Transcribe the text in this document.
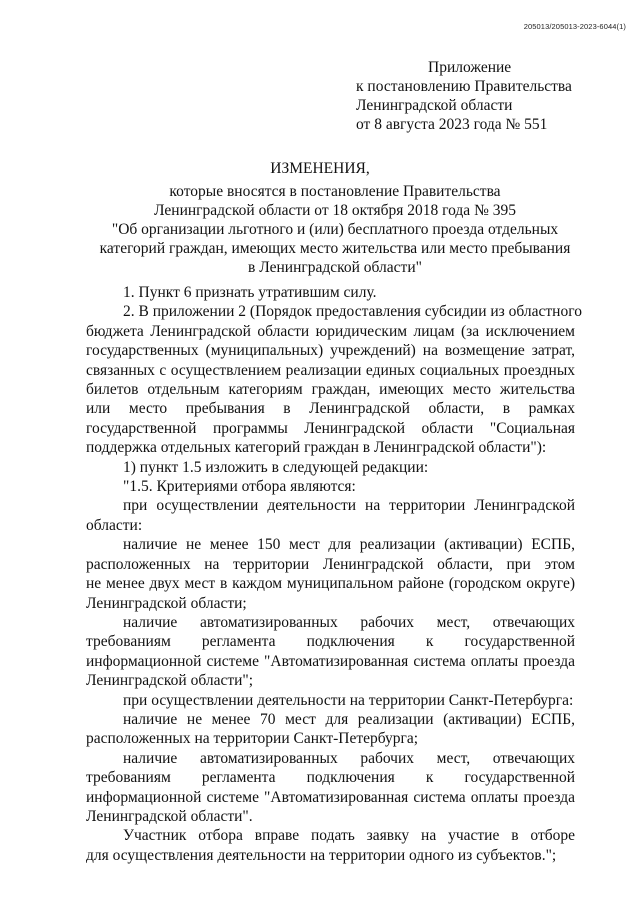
205013/205013-2023-6044(1)
Приложение
к постановлению Правительства
Ленинградской области
от 8 августа 2023 года № 551
ИЗМЕНЕНИЯ,
которые вносятся в постановление Правительства
Ленинградской области от 18 октября 2018 года № 395
"Об организации льготного и (или) бесплатного проезда отдельных
категорий граждан, имеющих место жительства или место пребывания
в Ленинградской области"
1. Пункт 6 признать утратившим силу.
2. В приложении 2 (Порядок предоставления субсидии из областного
бюджета Ленинградской области юридическим лицам (за исключением
государственных (муниципальных) учреждений) на возмещение затрат,
связанных с осуществлением реализации единых социальных проездных
билетов отдельным категориям граждан, имеющих место жительства
или место пребывания в Ленинградской области, в рамках
государственной программы Ленинградской области "Социальная
поддержка отдельных категорий граждан в Ленинградской области"):
1) пункт 1.5 изложить в следующей редакции:
"1.5. Критериями отбора являются:
при осуществлении деятельности на территории Ленинградской
области:
наличие не менее 150 мест для реализации (активации) ЕСПБ,
расположенных на территории Ленинградской области, при этом
не менее двух мест в каждом муниципальном районе (городском округе)
Ленинградской области;
наличие автоматизированных рабочих мест, отвечающих
требованиям регламента подключения к государственной
информационной системе "Автоматизированная система оплаты проезда
Ленинградской области";
при осуществлении деятельности на территории Санкт-Петербурга:
наличие не менее 70 мест для реализации (активации) ЕСПБ,
расположенных на территории Санкт-Петербурга;
наличие автоматизированных рабочих мест, отвечающих
требованиям регламента подключения к государственной
информационной системе "Автоматизированная система оплаты проезда
Ленинградской области".
Участник отбора вправе подать заявку на участие в отборе
для осуществления деятельности на территории одного из субъектов.";
